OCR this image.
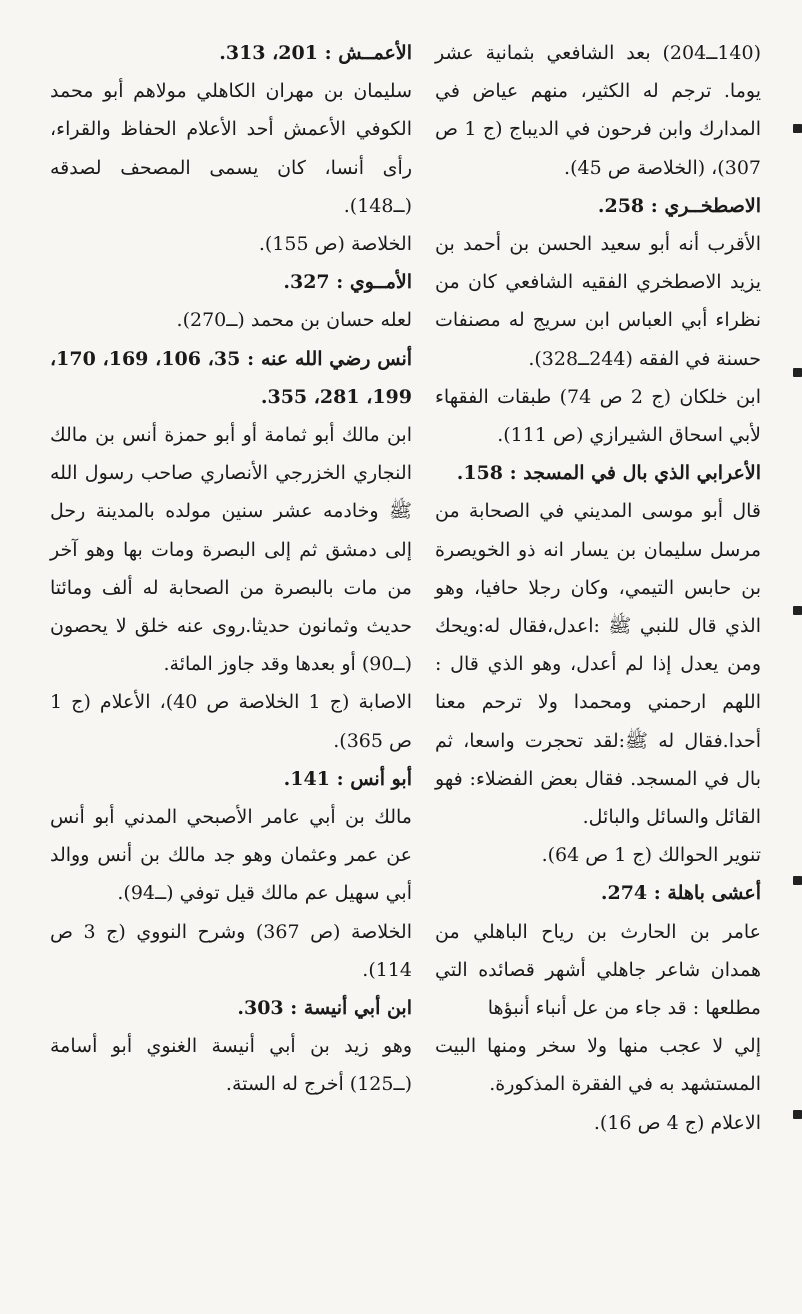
(140ــ204) بعد الشافعي بثمانية عشر يوما. ترجم له الكثير، منهم عياض في المدارك وابن فرحون في الديباج (ج 1 ص 307)، (الخلاصة ص 45).

الاصطخــري : 258.

الأقرب أنه أبو سعيد الحسن بن أحمد بن يزيد الاصطخري الفقيه الشافعي كان من نظراء أبي العباس ابن سريج له مصنفات حسنة في الفقه (244ــ328).

ابن خلكان (ج 2 ص 74) طبقات الفقهاء لأبي اسحاق الشيرازي (ص 111).

الأعرابي الذي بال في المسجد : 158.

قال أبو موسى المديني في الصحابة من مرسل سليمان بن يسار انه ذو الخويصرة بن حابس التيمي، وكان رجلا حافيا، وهو الذي قال للنبي ﷺ :اعدل،فقال له:ويحك ومن يعدل إذا لم أعدل، وهو الذي قال : اللهم ارحمني ومحمدا ولا ترحم معنا أحدا.فقال له ﷺ:لقد تحجرت واسعا، ثم بال في المسجد. فقال بعض الفضلاء: فهو القائل والسائل والبائل.

تنوير الحوالك (ج 1 ص 64).

أعشى باهلة : 274.

عامر بن الحارث بن رياح الباهلي من همدان شاعر جاهلي أشهر قصائده التي مطلعها : قد جاء من عل أنباء أنبؤها

إلي لا عجب منها ولا سخر ومنها البيت المستشهد به في الفقرة المذكورة.

الاعلام (ج 4 ص 16).

الأعمــش : 201، 313.

سليمان بن مهران الكاهلي مولاهم أبو محمد الكوفي الأعمش أحد الأعلام الحفاظ والقراء، رأى أنسا، كان يسمى المصحف لصدقه (ــ148).

الخلاصة (ص 155).

الأمــوي : 327.

لعله حسان بن محمد (ــ270).

أنس رضي الله عنه : 35، 106، 169، 170، 199، 281، 355.

ابن مالك أبو ثمامة أو أبو حمزة أنس بن مالك النجاري الخزرجي الأنصاري صاحب رسول الله ﷺ وخادمه عشر سنين مولده بالمدينة رحل إلى دمشق ثم إلى البصرة ومات بها وهو آخر من مات بالبصرة من الصحابة له ألف ومائتا حديث وثمانون حديثا.روى عنه خلق لا يحصون (ــ90) أو بعدها وقد جاوز المائة.

الاصابة (ج 1 الخلاصة ص 40)، الأعلام (ج 1 ص 365).

أبو أنس : 141.

مالك بن أبي عامر الأصبحي المدني أبو أنس عن عمر وعثمان وهو جد مالك بن أنس ووالد أبي سهيل عم مالك قيل توفي (ــ94).

الخلاصة (ص 367) وشرح النووي (ج 3 ص 114).

ابن أبي أنيسة : 303.

وهو زيد بن أبي أنيسة الغنوي أبو أسامة (ــ125) أخرج له الستة.
